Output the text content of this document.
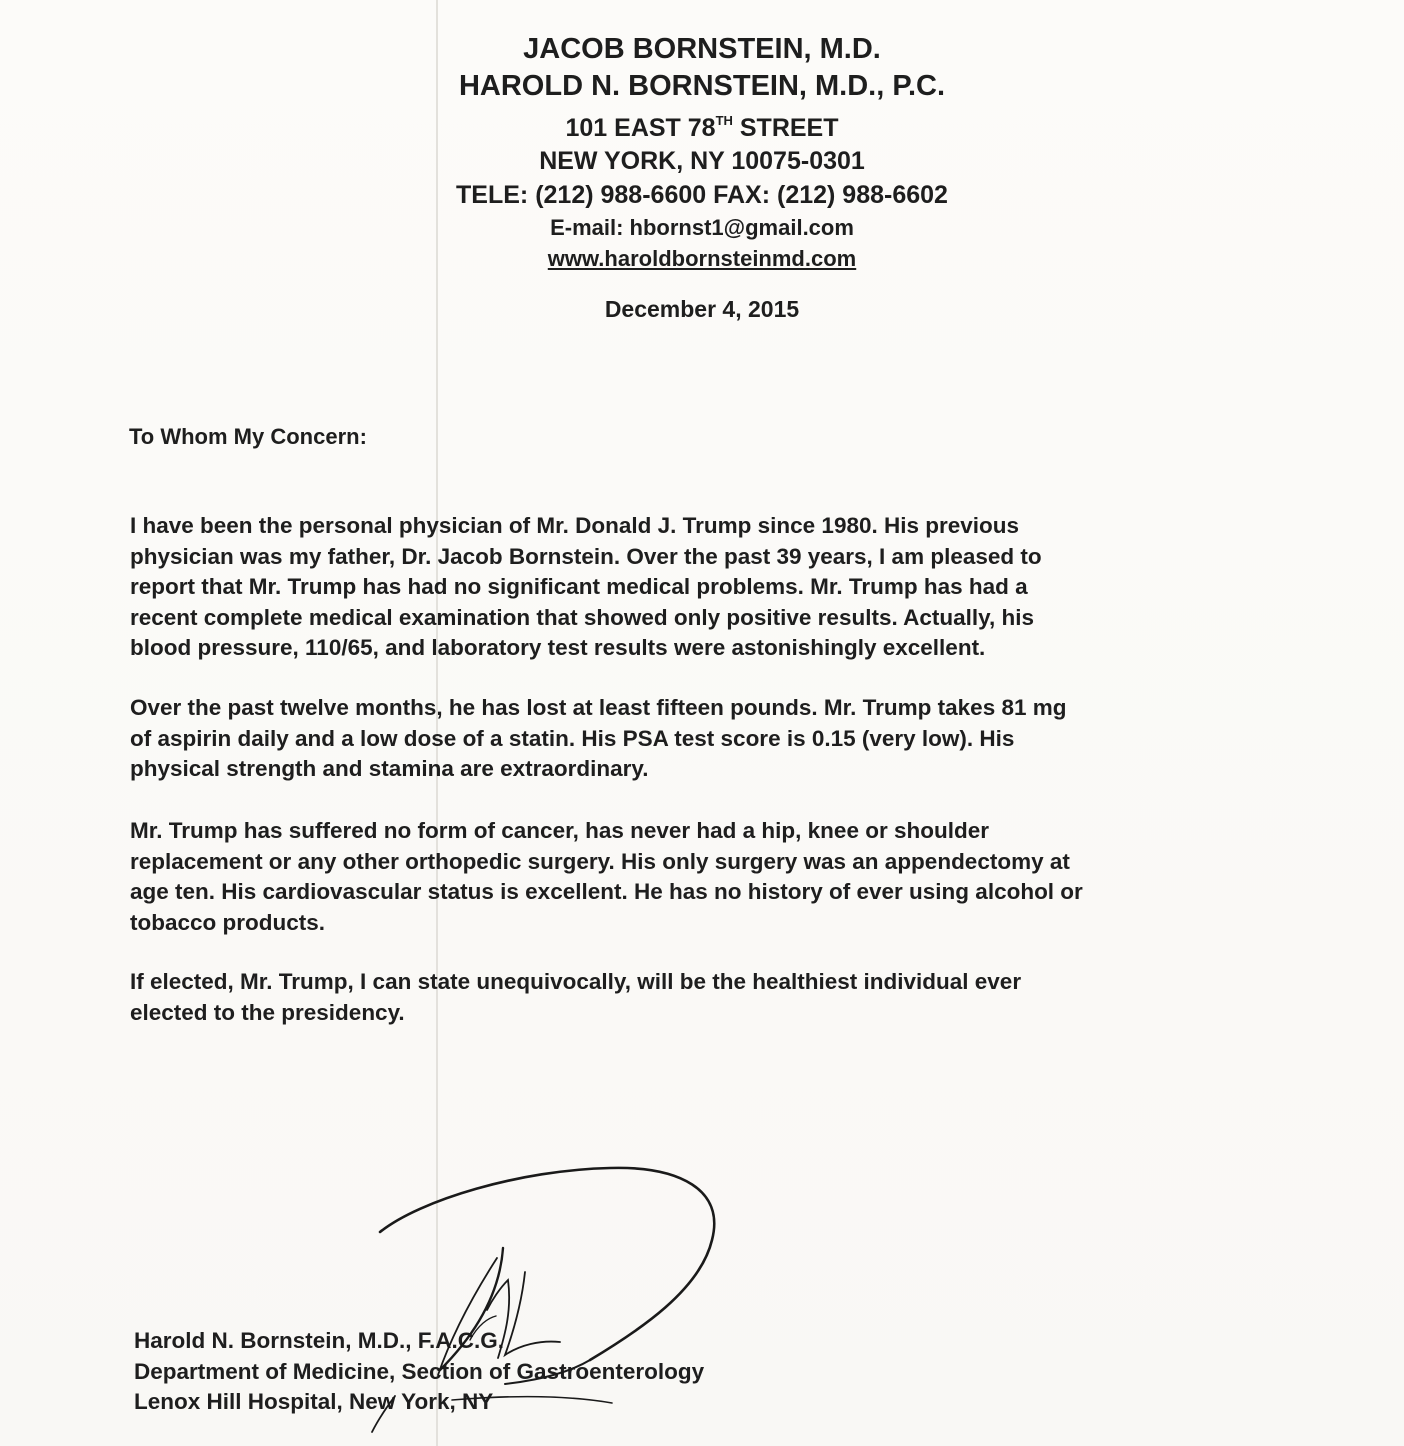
JACOB BORNSTEIN, M.D.

HAROLD N. BORNSTEIN, M.D., P.C.

101 EAST 78TH STREET

NEW YORK, NY 10075-0301

TELE: (212) 988-6600 FAX: (212) 988-6602

E-mail: hbornst1@gmail.com

www.haroldbornsteinmd.com

December 4, 2015
To Whom My Concern:

I have been the personal physician of Mr. Donald J. Trump since 1980. His previous
physician was my father, Dr. Jacob Bornstein. Over the past 39 years, I am pleased to
report that Mr. Trump has had no significant medical problems. Mr. Trump has had a
recent complete medical examination that showed only positive results. Actually, his
blood pressure, 110/65, and laboratory test results were astonishingly excellent.

Over the past twelve months, he has lost at least fifteen pounds. Mr. Trump takes 81 mg
of aspirin daily and a low dose of a statin. His PSA test score is 0.15 (very low). His
physical strength and stamina are extraordinary.

Mr. Trump has suffered no form of cancer, has never had a hip, knee or shoulder
replacement or any other orthopedic surgery. His only surgery was an appendectomy at
age ten. His cardiovascular status is excellent. He has no history of ever using alcohol or
tobacco products.

If elected, Mr. Trump, I can state unequivocally, will be the healthiest individual ever
elected to the presidency.

Harold N. Bornstein, M.D., F.A.C.G.
Department of Medicine, Section of Gastroenterology
Lenox Hill Hospital, New York, NY
